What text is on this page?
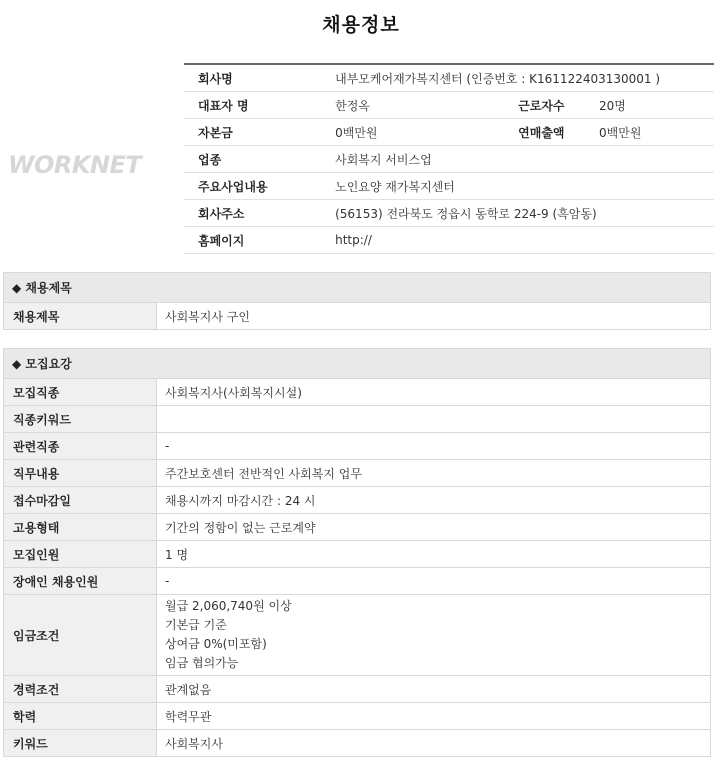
채용정보
WORKNET
회사명	내부모케어재가복지센터 (인증번호 : K161122403130001 )		
대표자 명	한정옥	근로자수	20명
자본금	0백만원	연매출액	0백만원
업종	사회복지 서비스업		
주요사업내용	노인요양 재가복지센터		
회사주소	(56153) 전라북도 정읍시 동학로 224-9 (흑암동)		
홈페이지	http://		
◆ 채용제목
채용제목	사회복지사 구인
◆ 모집요강	
모집직종	사회복지사(사회복지시설)
직종키워드	
관련직종	-
직무내용	주간보호센터 전반적인 사회복지 업무
접수마감일	채용시까지 마감시간 : 24 시
고용형태	기간의 정함이 없는 근로계약
모집인원	1 명
장애인 채용인원	-
임금조건	월급 2,060,740원 이상
기본급 기준
상여금 0%(미포함)
임금 협의가능

경력조건	관계없음
학력	학력무관
키워드	사회복지사
